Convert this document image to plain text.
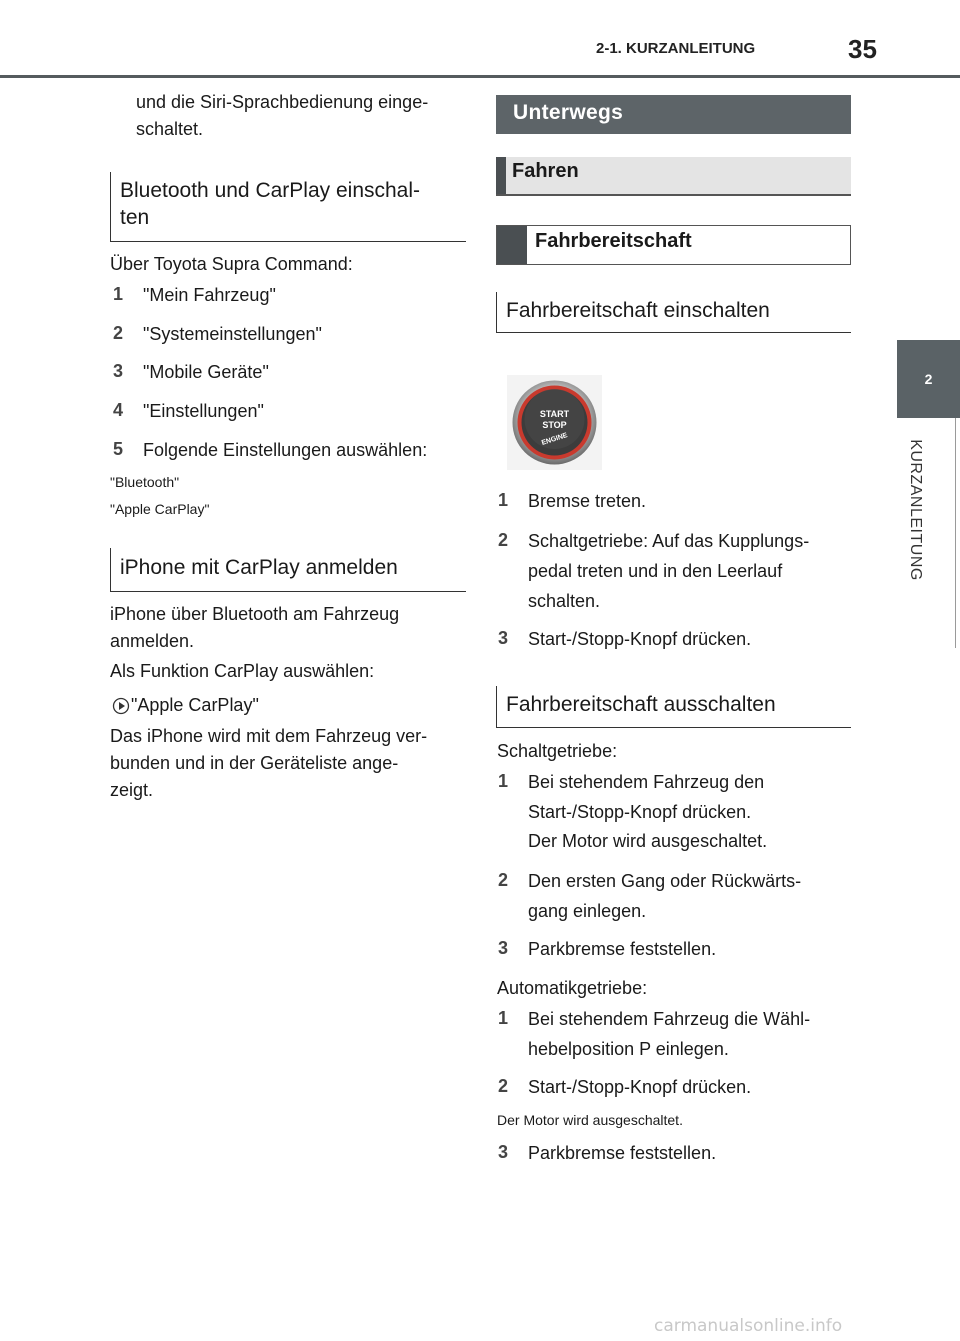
2-1. KURZANLEITUNG	35
2
KURZANLEITUNG
und die Siri-Sprachbedienung einge-
schaltet.
Bluetooth und CarPlay einschal-
ten
Über Toyota Supra Command:
1 "Mein Fahrzeug"
2 "Systemeinstellungen"
3 "Mobile Geräte"
4 "Einstellungen"
5 Folgende Einstellungen auswählen:
"Bluetooth"
"Apple CarPlay"
iPhone mit CarPlay anmelden
iPhone über Bluetooth am Fahrzeug
anmelden.
Als Funktion CarPlay auswählen:
"Apple CarPlay"
Das iPhone wird mit dem Fahrzeug ver-
bunden und in der Geräteliste ange-
zeigt.
Unterwegs
Fahren
Fahrbereitschaft
Fahrbereitschaft einschalten
START
STOP
ENGINE
1 Bremse treten.
2 Schaltgetriebe: Auf das Kupplungs-
pedal treten und in den Leerlauf
schalten.
3 Start-/Stopp-Knopf drücken.
Fahrbereitschaft ausschalten
Schaltgetriebe:
1 Bei stehendem Fahrzeug den
Start-/Stopp-Knopf drücken.
Der Motor wird ausgeschaltet.
2 Den ersten Gang oder Rückwärts-
gang einlegen.
3 Parkbremse feststellen.
Automatikgetriebe:
1 Bei stehendem Fahrzeug die Wähl-
hebelposition P einlegen.
2 Start-/Stopp-Knopf drücken.
Der Motor wird ausgeschaltet.
3 Parkbremse feststellen.
carmanualsonline.info
